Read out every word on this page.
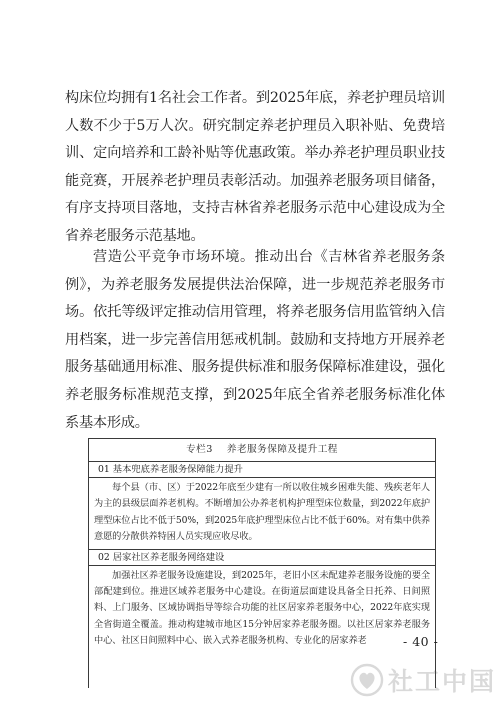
构床位均拥有1名社会工作者。到2025年底，养老护理员培训人数不少于5万人次。研究制定养老护理员入职补贴、免费培训、定向培养和工龄补贴等优惠政策。举办养老护理员职业技能竞赛，开展养老护理员表彰活动。加强养老服务项目储备，有序支持项目落地，支持吉林省养老服务示范中心建设成为全省养老服务示范基地。

营造公平竞争市场环境。推动出台《吉林省养老服务条例》，为养老服务发展提供法治保障，进一步规范养老服务市场。依托等级评定推动信用管理，将养老服务信用监管纳入信用档案，进一步完善信用惩戒机制。鼓励和支持地方开展养老服务基础通用标准、服务提供标准和服务保障标准建设，强化养老服务标准规范支撑，到2025年底全省养老服务标准化体系基本形成。

专栏3 养老服务保障及提升工程
01 基本兜底养老服务保障能力提升

每个县（市、区）于2022年底至少建有一所以收住城乡困难失能、残疾老年人为主的县级层面养老机构。不断增加公办养老机构护理型床位数量，到2022年底护理型床位占比不低于50%，到2025年底护理型床位占比不低于60%。对有集中供养意愿的分散供养特困人员实现应收尽收。

02 居家社区养老服务网络建设

加强社区养老服务设施建设，到2025年，老旧小区未配建养老服务设施的要全部配建到位。推进区域养老服务中心建设。在街道层面建设具备全日托养、日间照料、上门服务、区域协调指导等综合功能的社区居家养老服务中心，2022年底实现全省街道全覆盖。推动构建城市地区15分钟居家养老服务圈。以社区居家养老服务中心、社区日间照料中心、嵌入式养老服务机构、专业化的居家养老	- 40 -
社工中国
